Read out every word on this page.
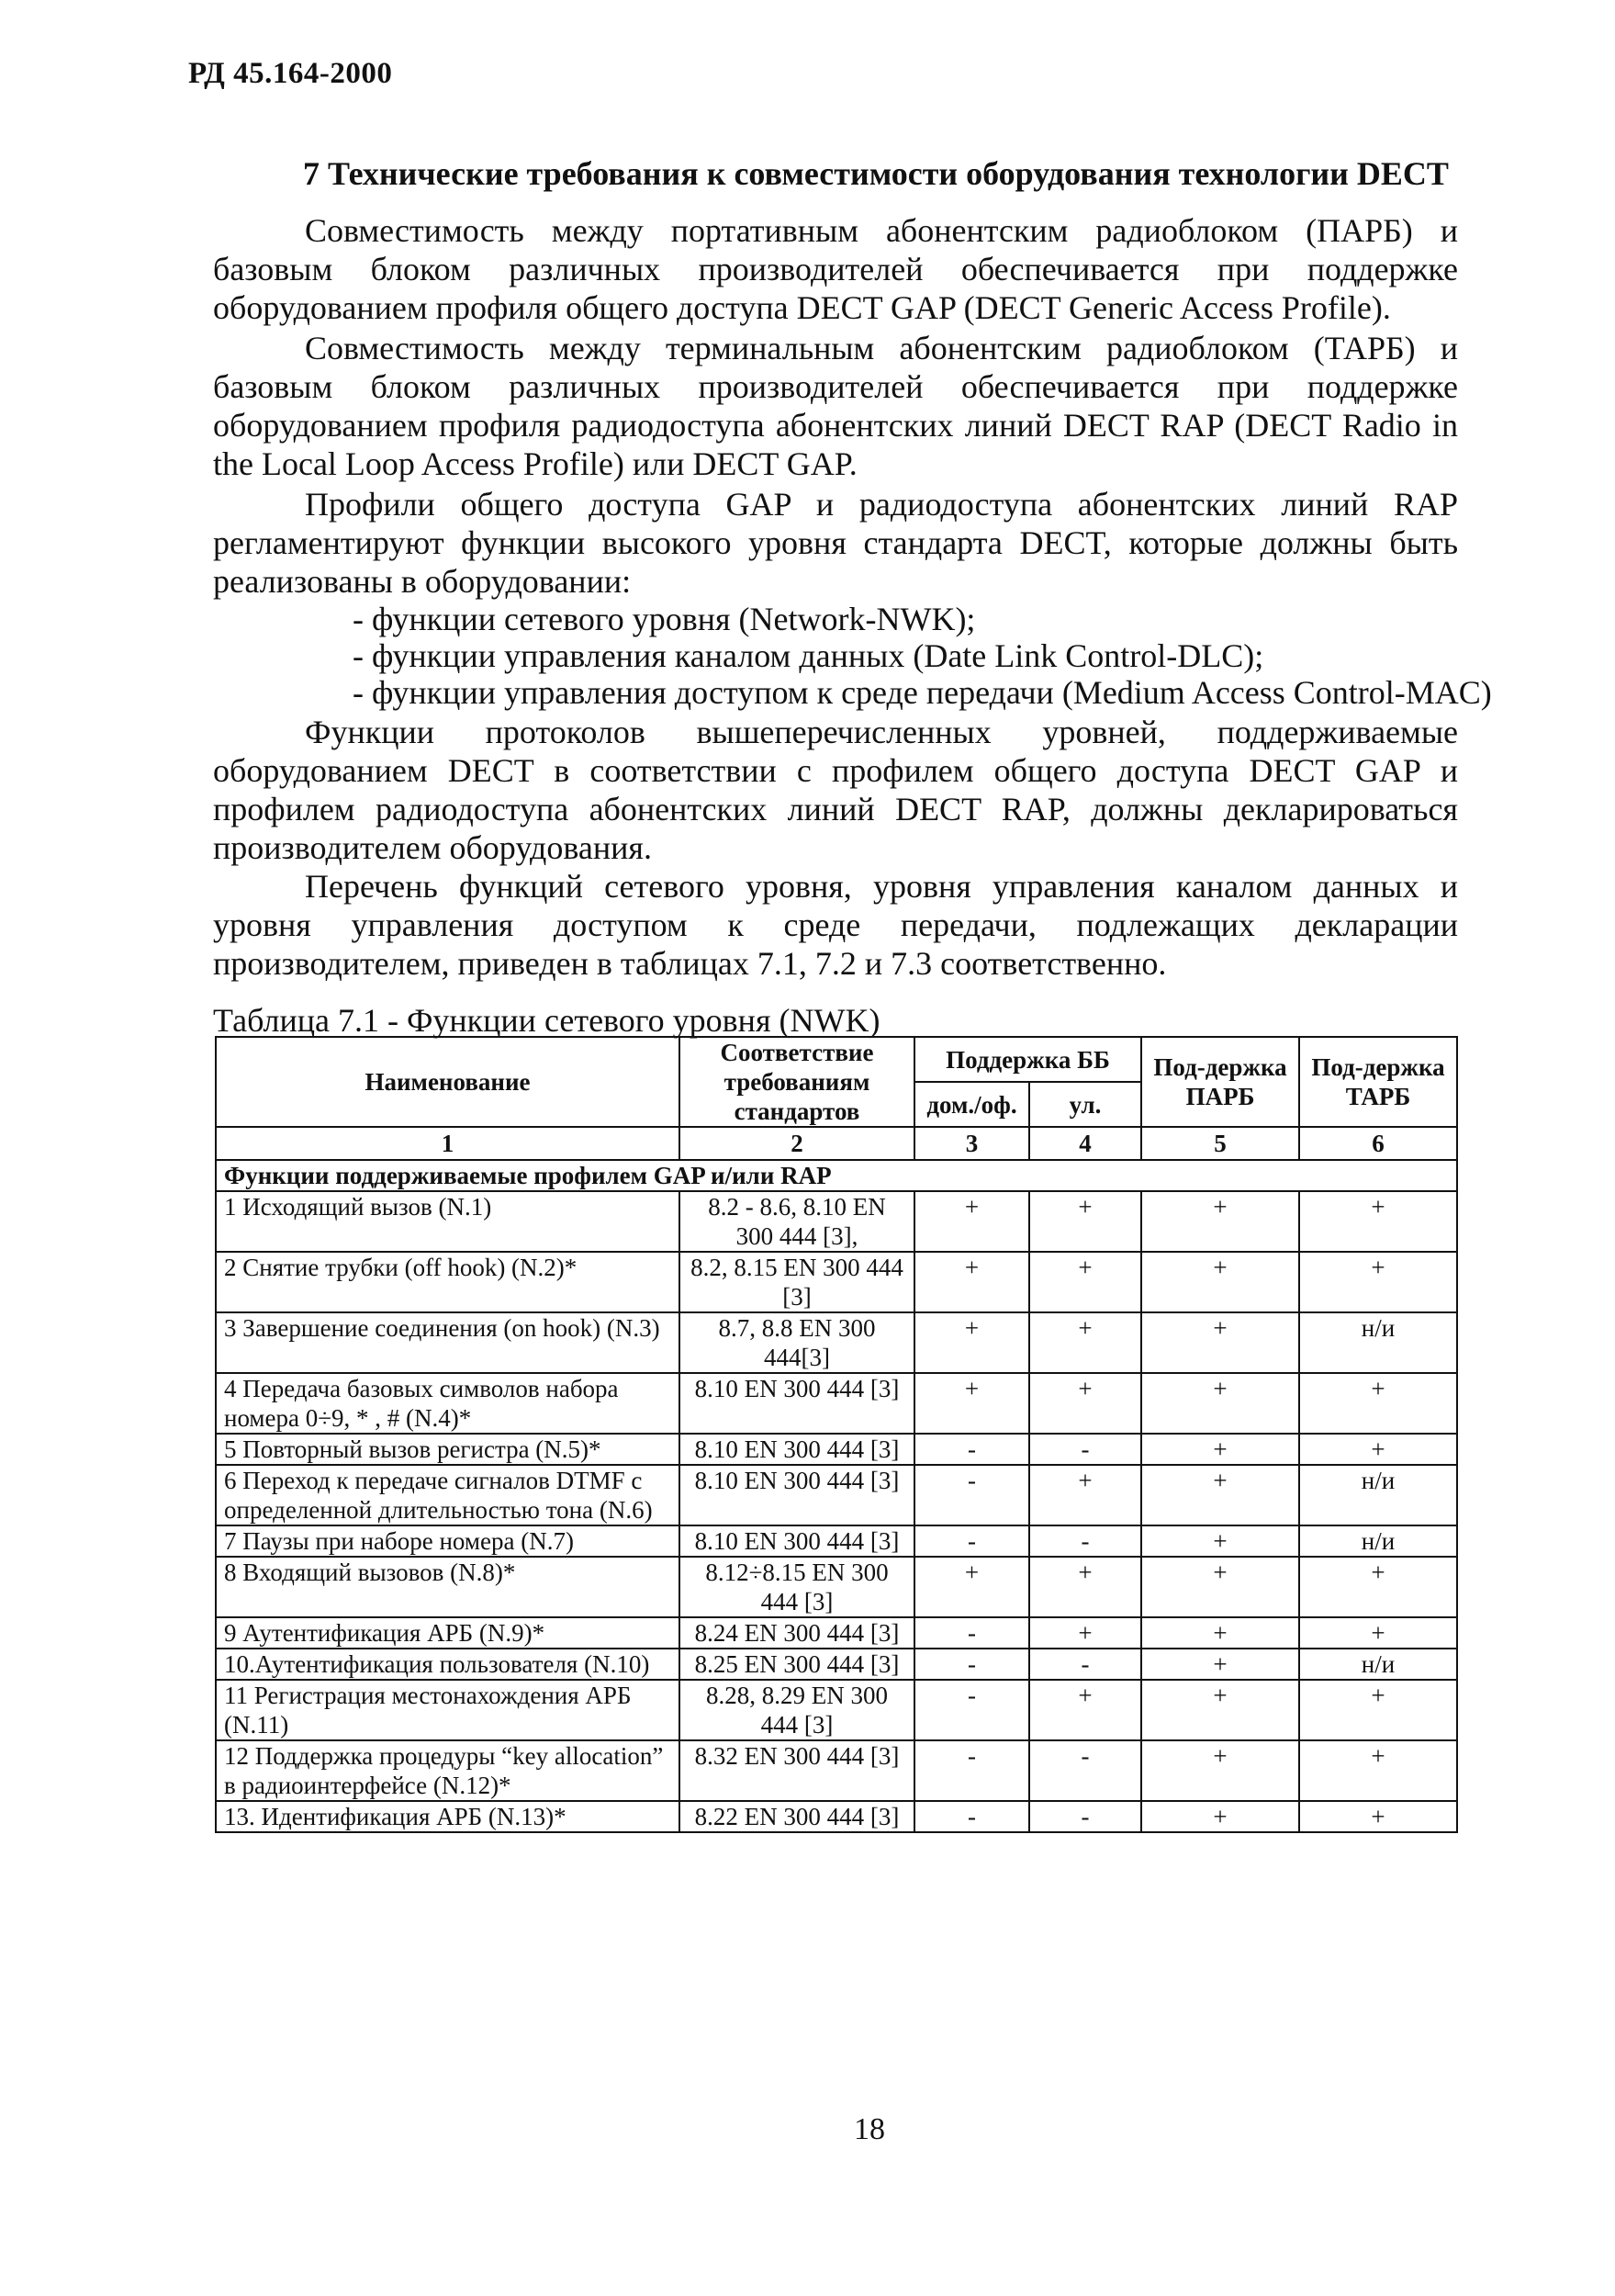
РД 45.164-2000
7 Технические требования к совместимости оборудования технологии DECT

Совместимость между портативным абонентским радиоблоком (ПАРБ) и базовым блоком различных производителей обеспечивается при поддержке оборудованием профиля общего доступа DECT GAP (DECT Generic Access Profile).

Совместимость между терминальным абонентским радиоблоком (ТАРБ) и базовым блоком различных производителей обеспечивается при поддержке оборудованием профиля радиодоступа абонентских линий DECT RAP (DECT Radio in the Local Loop Access Profile) или DECT GAP.

Профили общего доступа GAP и радиодоступа абонентских линий RAP регламентируют функции высокого уровня стандарта DECT, которые должны быть реализованы в оборудовании:

- функции сетевого уровня (Network-NWK);
- функции управления каналом данных (Date Link Control-DLC);
- функции управления доступом к среде передачи (Medium Access Control-MAC)

Функции протоколов вышеперечисленных уровней, поддерживаемые оборудованием DECT в соответствии с профилем общего доступа DECT GAP и профилем радиодоступа абонентских линий DECT RAP, должны декларироваться производителем оборудования.

Перечень функций сетевого уровня, уровня управления каналом данных и уровня управления доступом к среде передачи, подлежащих декларации производителем, приведен в таблицах 7.1, 7.2 и 7.3 соответственно.

Таблица 7.1 - Функции сетевого уровня (NWK)
Наименование	Соответствие требованиям стандартов	Поддержка ББ		Под-держка ПАРБ	Под-держка ТАРБ
		дом./оф.	ул.		
1	2	3	4	5	6
Функции поддерживаемые профилем GAP и/или RAP					
1 Исходящий вызов (N.1)	8.2 - 8.6, 8.10 EN 300 444 [3],	+	+	+	+
2 Снятие трубки (off hook) (N.2)*	8.2, 8.15 EN 300 444 [3]	+	+	+	+
3 Завершение соединения (on hook) (N.3)	8.7, 8.8 EN 300 444[3]	+	+	+	н/и
4 Передача базовых символов набора номера 0÷9, * , # (N.4)*	8.10 EN 300 444 [3]	+	+	+	+
5 Повторный вызов регистра (N.5)*	8.10 EN 300 444 [3]	-	-	+	+
6 Переход к передаче сигналов DTMF с определенной длительностью тона (N.6)	8.10 EN 300 444 [3]	-	+	+	н/и
7 Паузы при наборе номера (N.7)	8.10 EN 300 444 [3]	-	-	+	н/и
8 Входящий вызовов (N.8)*	8.12÷8.15 EN 300 444 [3]	+	+	+	+
9 Аутентификация АРБ (N.9)*	8.24 EN 300 444 [3]	-	+	+	+
10.Аутентификация пользователя (N.10)	8.25 EN 300 444 [3]	-	-	+	н/и
11 Регистрация местонахождения АРБ (N.11)	8.28, 8.29 EN 300 444 [3]	-	+	+	+
12 Поддержка процедуры “key allocation” в радиоинтерфейсе (N.12)*	8.32 EN 300 444 [3]	-	-	+	+
13. Идентификация АРБ (N.13)*	8.22 EN 300 444 [3]	-	-	+	+
18
